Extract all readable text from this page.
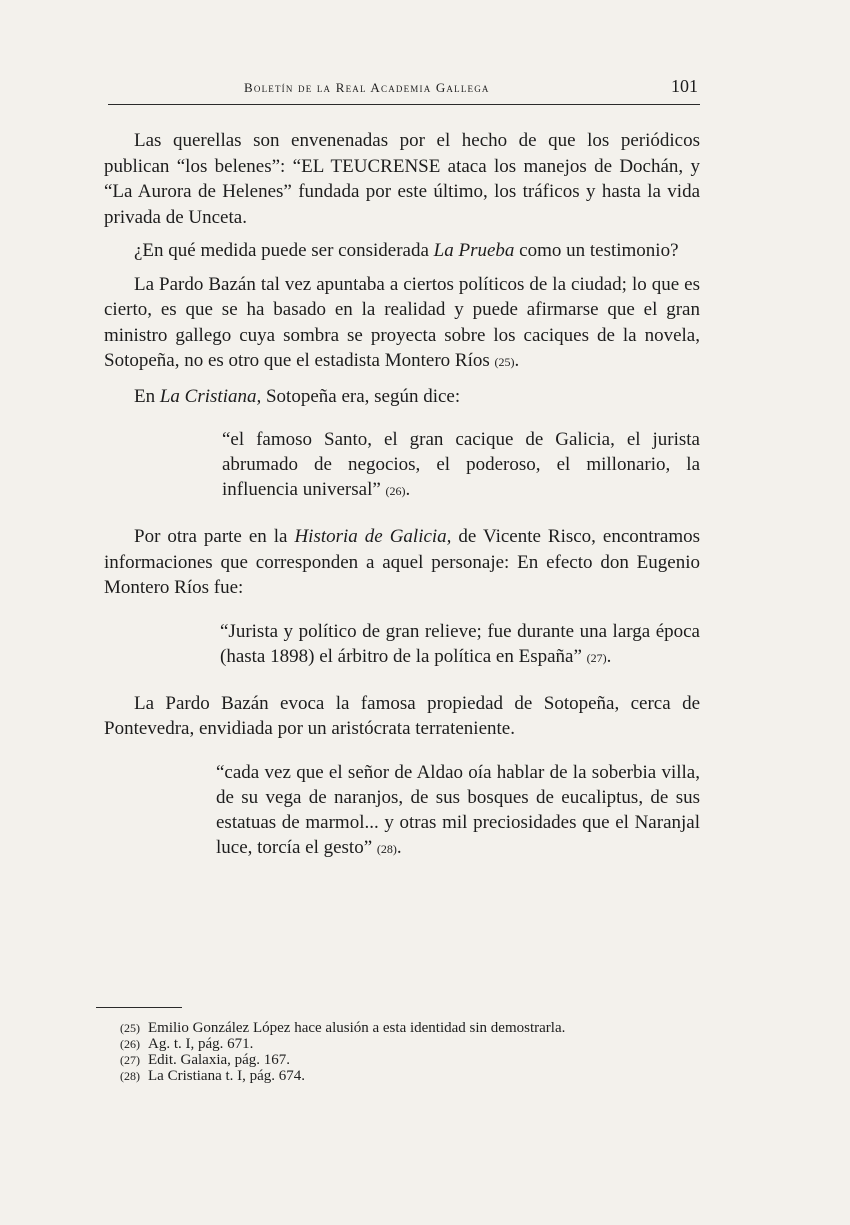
Boletín de la Real Academia Gallega	101

Las querellas son envenenadas por el hecho de que los periódicos publican “los belenes”: “EL TEUCRENSE ataca los manejos de Dochán, y “La Aurora de Helenes” fundada por este último, los tráficos y hasta la vida privada de Unceta.

¿En qué medida puede ser considerada La Prueba como un testimonio?

La Pardo Bazán tal vez apuntaba a ciertos políticos de la ciudad; lo que es cierto, es que se ha basado en la realidad y puede afirmarse que el gran ministro gallego cuya sombra se proyecta sobre los caciques de la novela, Sotopeña, no es otro que el estadista Montero Ríos (25).

En La Cristiana, Sotopeña era, según dice:

“el famoso Santo, el gran cacique de Galicia, el jurista abrumado de negocios, el poderoso, el millonario, la influencia universal” (26).

Por otra parte en la Historia de Galicia, de Vicente Risco, encontramos informaciones que corresponden a aquel personaje: En efecto don Eugenio Montero Ríos fue:

“Jurista y político de gran relieve; fue durante una larga época (hasta 1898) el árbitro de la política en España” (27).

La Pardo Bazán evoca la famosa propiedad de Sotopeña, cerca de Pontevedra, envidiada por un aristócrata terrateniente.

“cada vez que el señor de Aldao oía hablar de la soberbia villa, de su vega de naranjos, de sus bosques de eucaliptus, de sus estatuas de marmol... y otras mil preciosidades que el Naranjal luce, torcía el gesto” (28).

(25) Emilio González López hace alusión a esta identidad sin demostrarla.
(26) Ag. t. I, pág. 671.
(27) Edit. Galaxia, pág. 167.
(28) La Cristiana t. I, pág. 674.
